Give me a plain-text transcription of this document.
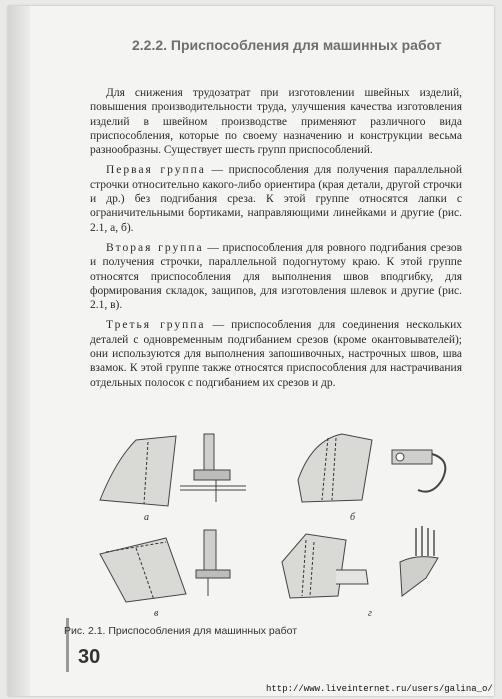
2.2.2. Приспособления для машинных работ

Для снижения трудозатрат при изготовлении швейных изделий, повышения производительности труда, улучшения качества изготовления изделий в швейном производстве применяют различного вида приспособления, которые по своему назначению и конструкции весьма разнообразны. Существует шесть групп приспособлений.

Первая группа — приспособления для получения параллельной строчки относительно какого-либо ориентира (края детали, другой строчки и др.) без подгибания среза. К этой группе относятся лапки с ограничительными бортиками, направляющими линейками и другие (рис. 2.1, а, б).

Вторая группа — приспособления для ровного подгибания срезов и получения строчки, параллельной подогнутому краю. К этой группе относятся приспособления для выполнения швов вподгибку, для формирования складок, защипов, для изготовления шлевок и другие (рис. 2.1, в).

Третья группа — приспособления для соединения нескольких деталей с одновременным подгибанием срезов (кроме окантовывателей); они используются для выполнения запошивочных, настрочных швов, шва взамок. К этой группе также относятся приспособления для настрачивания отдельных полосок с подгибанием их срезов и др.

а	б
в	г
Рис. 2.1. Приспособления для машинных работ
30
http://www.liveinternet.ru/users/galina_o/
